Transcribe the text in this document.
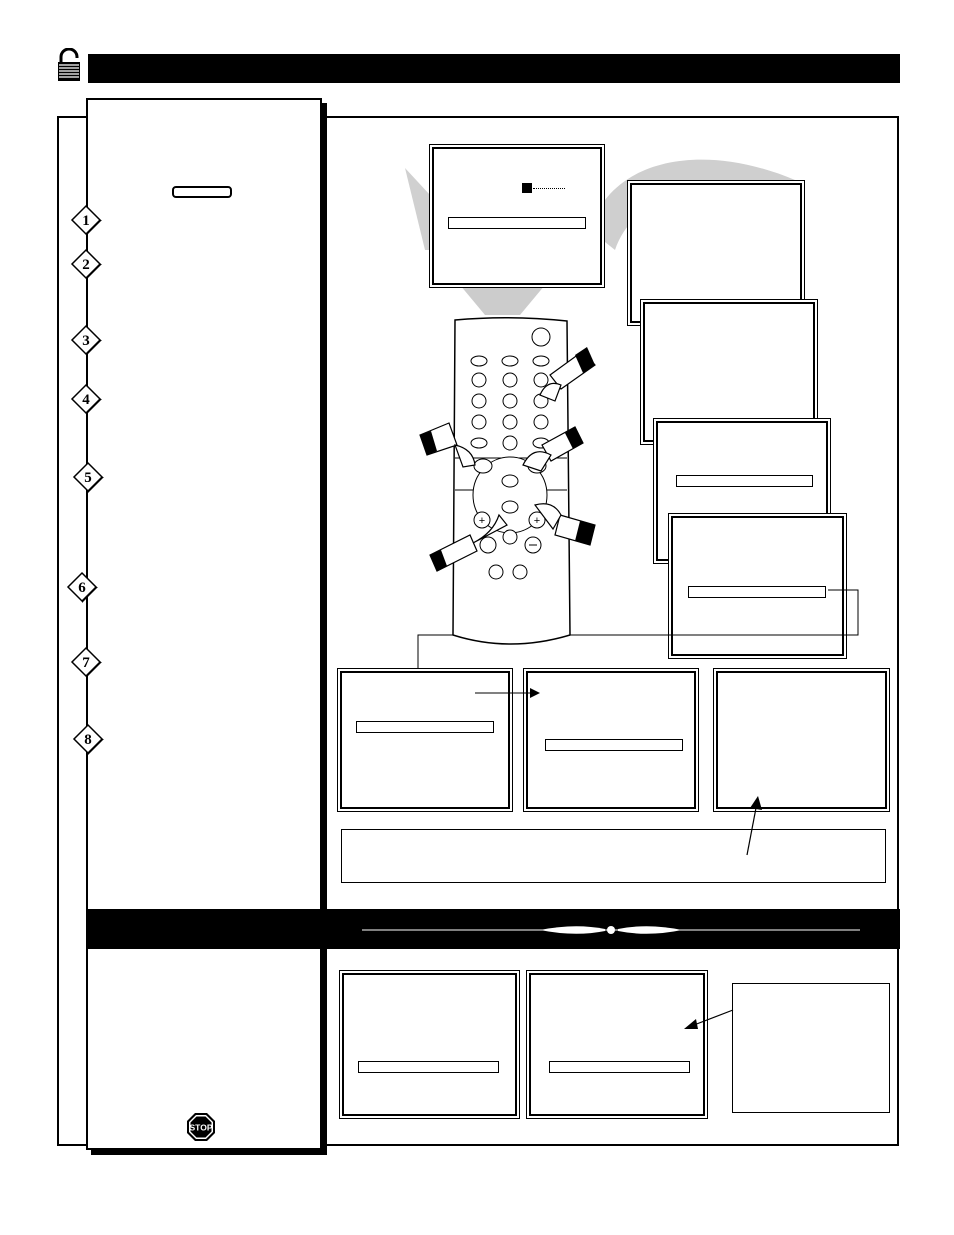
1
2
3
4
5
6
7
8
+	+
STOP
